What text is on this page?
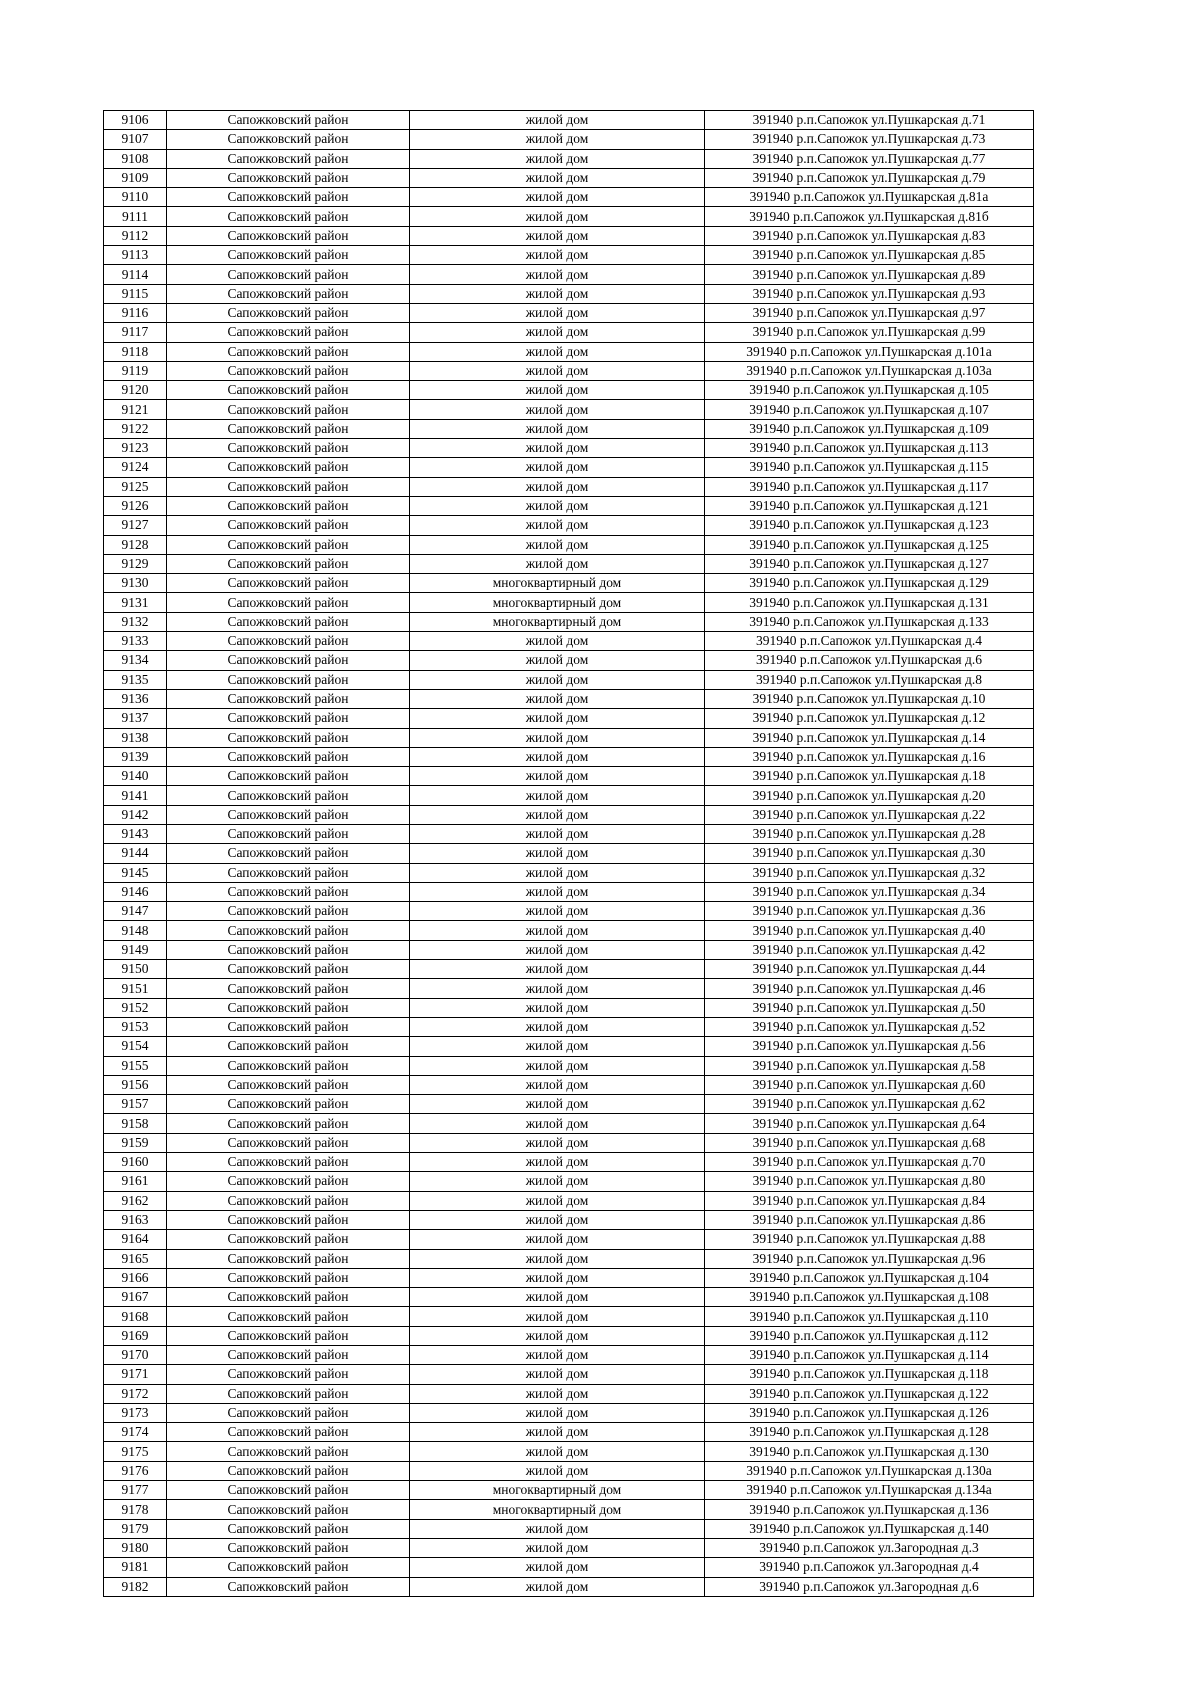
9106	Сапожковский район	жилой дом	391940 р.п.Сапожок ул.Пушкарская д.71
9107	Сапожковский район	жилой дом	391940 р.п.Сапожок ул.Пушкарская д.73
9108	Сапожковский район	жилой дом	391940 р.п.Сапожок ул.Пушкарская д.77
9109	Сапожковский район	жилой дом	391940 р.п.Сапожок ул.Пушкарская д.79
9110	Сапожковский район	жилой дом	391940 р.п.Сапожок ул.Пушкарская д.81а
9111	Сапожковский район	жилой дом	391940 р.п.Сапожок ул.Пушкарская д.81б
9112	Сапожковский район	жилой дом	391940 р.п.Сапожок ул.Пушкарская д.83
9113	Сапожковский район	жилой дом	391940 р.п.Сапожок ул.Пушкарская д.85
9114	Сапожковский район	жилой дом	391940 р.п.Сапожок ул.Пушкарская д.89
9115	Сапожковский район	жилой дом	391940 р.п.Сапожок ул.Пушкарская д.93
9116	Сапожковский район	жилой дом	391940 р.п.Сапожок ул.Пушкарская д.97
9117	Сапожковский район	жилой дом	391940 р.п.Сапожок ул.Пушкарская д.99
9118	Сапожковский район	жилой дом	391940 р.п.Сапожок ул.Пушкарская д.101а
9119	Сапожковский район	жилой дом	391940 р.п.Сапожок ул.Пушкарская д.103а
9120	Сапожковский район	жилой дом	391940 р.п.Сапожок ул.Пушкарская д.105
9121	Сапожковский район	жилой дом	391940 р.п.Сапожок ул.Пушкарская д.107
9122	Сапожковский район	жилой дом	391940 р.п.Сапожок ул.Пушкарская д.109
9123	Сапожковский район	жилой дом	391940 р.п.Сапожок ул.Пушкарская д.113
9124	Сапожковский район	жилой дом	391940 р.п.Сапожок ул.Пушкарская д.115
9125	Сапожковский район	жилой дом	391940 р.п.Сапожок ул.Пушкарская д.117
9126	Сапожковский район	жилой дом	391940 р.п.Сапожок ул.Пушкарская д.121
9127	Сапожковский район	жилой дом	391940 р.п.Сапожок ул.Пушкарская д.123
9128	Сапожковский район	жилой дом	391940 р.п.Сапожок ул.Пушкарская д.125
9129	Сапожковский район	жилой дом	391940 р.п.Сапожок ул.Пушкарская д.127
9130	Сапожковский район	многоквартирный дом	391940 р.п.Сапожок ул.Пушкарская д.129
9131	Сапожковский район	многоквартирный дом	391940 р.п.Сапожок ул.Пушкарская д.131
9132	Сапожковский район	многоквартирный дом	391940 р.п.Сапожок ул.Пушкарская д.133
9133	Сапожковский район	жилой дом	391940 р.п.Сапожок ул.Пушкарская д.4
9134	Сапожковский район	жилой дом	391940 р.п.Сапожок ул.Пушкарская д.6
9135	Сапожковский район	жилой дом	391940 р.п.Сапожок ул.Пушкарская д.8
9136	Сапожковский район	жилой дом	391940 р.п.Сапожок ул.Пушкарская д.10
9137	Сапожковский район	жилой дом	391940 р.п.Сапожок ул.Пушкарская д.12
9138	Сапожковский район	жилой дом	391940 р.п.Сапожок ул.Пушкарская д.14
9139	Сапожковский район	жилой дом	391940 р.п.Сапожок ул.Пушкарская д.16
9140	Сапожковский район	жилой дом	391940 р.п.Сапожок ул.Пушкарская д.18
9141	Сапожковский район	жилой дом	391940 р.п.Сапожок ул.Пушкарская д.20
9142	Сапожковский район	жилой дом	391940 р.п.Сапожок ул.Пушкарская д.22
9143	Сапожковский район	жилой дом	391940 р.п.Сапожок ул.Пушкарская д.28
9144	Сапожковский район	жилой дом	391940 р.п.Сапожок ул.Пушкарская д.30
9145	Сапожковский район	жилой дом	391940 р.п.Сапожок ул.Пушкарская д.32
9146	Сапожковский район	жилой дом	391940 р.п.Сапожок ул.Пушкарская д.34
9147	Сапожковский район	жилой дом	391940 р.п.Сапожок ул.Пушкарская д.36
9148	Сапожковский район	жилой дом	391940 р.п.Сапожок ул.Пушкарская д.40
9149	Сапожковский район	жилой дом	391940 р.п.Сапожок ул.Пушкарская д.42
9150	Сапожковский район	жилой дом	391940 р.п.Сапожок ул.Пушкарская д.44
9151	Сапожковский район	жилой дом	391940 р.п.Сапожок ул.Пушкарская д.46
9152	Сапожковский район	жилой дом	391940 р.п.Сапожок ул.Пушкарская д.50
9153	Сапожковский район	жилой дом	391940 р.п.Сапожок ул.Пушкарская д.52
9154	Сапожковский район	жилой дом	391940 р.п.Сапожок ул.Пушкарская д.56
9155	Сапожковский район	жилой дом	391940 р.п.Сапожок ул.Пушкарская д.58
9156	Сапожковский район	жилой дом	391940 р.п.Сапожок ул.Пушкарская д.60
9157	Сапожковский район	жилой дом	391940 р.п.Сапожок ул.Пушкарская д.62
9158	Сапожковский район	жилой дом	391940 р.п.Сапожок ул.Пушкарская д.64
9159	Сапожковский район	жилой дом	391940 р.п.Сапожок ул.Пушкарская д.68
9160	Сапожковский район	жилой дом	391940 р.п.Сапожок ул.Пушкарская д.70
9161	Сапожковский район	жилой дом	391940 р.п.Сапожок ул.Пушкарская д.80
9162	Сапожковский район	жилой дом	391940 р.п.Сапожок ул.Пушкарская д.84
9163	Сапожковский район	жилой дом	391940 р.п.Сапожок ул.Пушкарская д.86
9164	Сапожковский район	жилой дом	391940 р.п.Сапожок ул.Пушкарская д.88
9165	Сапожковский район	жилой дом	391940 р.п.Сапожок ул.Пушкарская д.96
9166	Сапожковский район	жилой дом	391940 р.п.Сапожок ул.Пушкарская д.104
9167	Сапожковский район	жилой дом	391940 р.п.Сапожок ул.Пушкарская д.108
9168	Сапожковский район	жилой дом	391940 р.п.Сапожок ул.Пушкарская д.110
9169	Сапожковский район	жилой дом	391940 р.п.Сапожок ул.Пушкарская д.112
9170	Сапожковский район	жилой дом	391940 р.п.Сапожок ул.Пушкарская д.114
9171	Сапожковский район	жилой дом	391940 р.п.Сапожок ул.Пушкарская д.118
9172	Сапожковский район	жилой дом	391940 р.п.Сапожок ул.Пушкарская д.122
9173	Сапожковский район	жилой дом	391940 р.п.Сапожок ул.Пушкарская д.126
9174	Сапожковский район	жилой дом	391940 р.п.Сапожок ул.Пушкарская д.128
9175	Сапожковский район	жилой дом	391940 р.п.Сапожок ул.Пушкарская д.130
9176	Сапожковский район	жилой дом	391940 р.п.Сапожок ул.Пушкарская д.130а
9177	Сапожковский район	многоквартирный дом	391940 р.п.Сапожок ул.Пушкарская д.134а
9178	Сапожковский район	многоквартирный дом	391940 р.п.Сапожок ул.Пушкарская д.136
9179	Сапожковский район	жилой дом	391940 р.п.Сапожок ул.Пушкарская д.140
9180	Сапожковский район	жилой дом	391940 р.п.Сапожок ул.Загородная д.3
9181	Сапожковский район	жилой дом	391940 р.п.Сапожок ул.Загородная д.4
9182	Сапожковский район	жилой дом	391940 р.п.Сапожок ул.Загородная д.6
